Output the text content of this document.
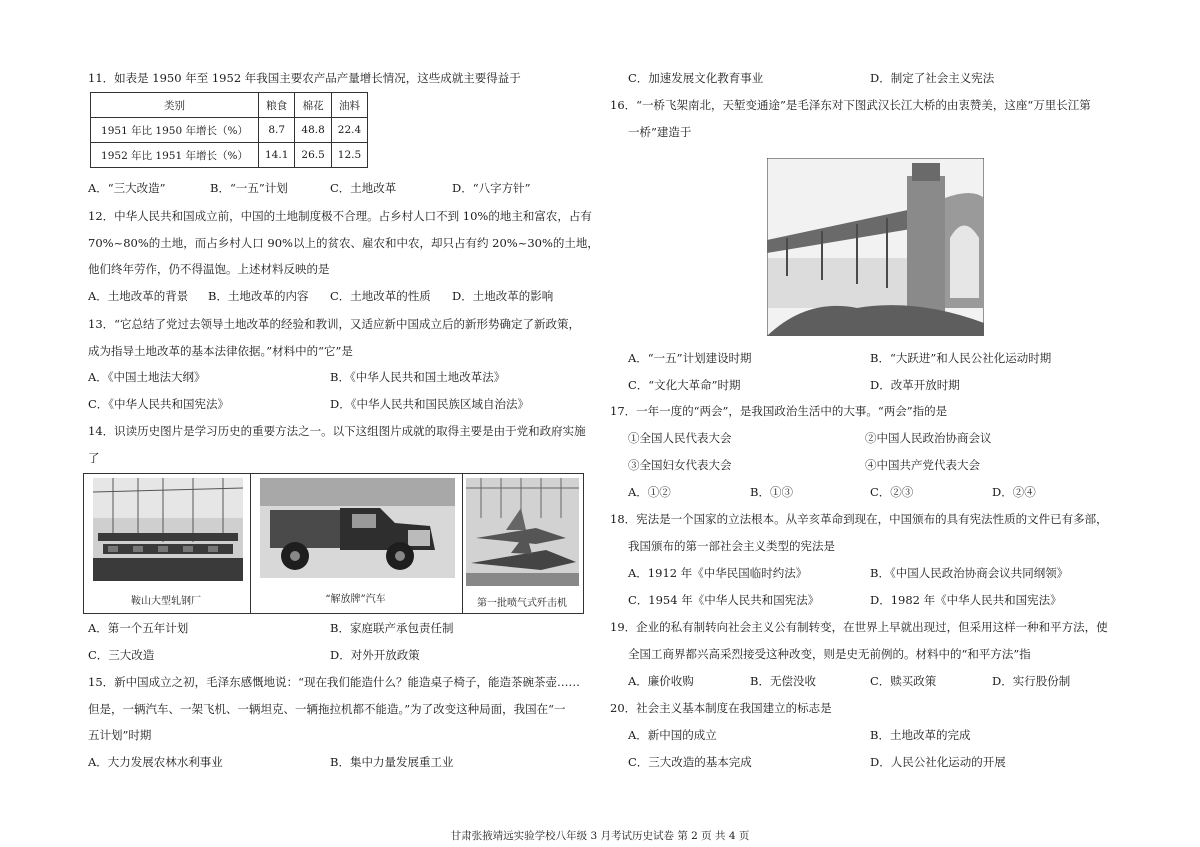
11．如表是 1950 年至 1952 年我国主要农产品产量增长情况，这些成就主要得益于
类别	粮食	棉花	油料
1951 年比 1950 年增长（%）	8.7	48.8	22.4
1952 年比 1951 年增长（%）	14.1	26.5	12.5
A．“三大改造”	B．“一五”计划	C．土地改革	D．“八字方针”
12．中华人民共和国成立前，中国的土地制度极不合理。占乡村人口不到 10%的地主和富农，占有
70%~80%的土地，而占乡村人口 90%以上的贫农、雇农和中农，却只占有约 20%~30%的土地，
他们终年劳作，仍不得温饱。上述材料反映的是
A．土地改革的背景 B．土地改革的内容 C．土地改革的性质 D．土地改革的影响
13．“它总结了党过去领导土地改革的经验和教训，又适应新中国成立后的新形势确定了新政策，
成为指导土地改革的基本法律依据。”材料中的“它”是
A．《中国土地法大纲》	B．《中华人民共和国土地改革法》
C．《中华人民共和国宪法》	D．《中华人民共和国民族区域自治法》
14．识读历史图片是学习历史的重要方法之一。以下这组图片成就的取得主要是由于党和政府实施
了
鞍山大型轧钢厂	“解放牌”汽车	第一批喷气式歼击机
A．第一个五年计划	B．家庭联产承包责任制
C．三大改造	D．对外开放政策
15．新中国成立之初，毛泽东感慨地说：“现在我们能造什么？能造桌子椅子，能造茶碗茶壶……
但是，一辆汽车、一架飞机、一辆坦克、一辆拖拉机都不能造。”为了改变这种局面，我国在“一
五计划”时期
A．大力发展农林水利事业	B．集中力量发展重工业
C．加速发展文化教育事业	D．制定了社会主义宪法
16．“一桥飞架南北，天堑变通途”是毛泽东对下图武汉长江大桥的由衷赞美，这座“万里长江第
一桥”建造于
A．“一五”计划建设时期	B．“大跃进”和人民公社化运动时期
C．“文化大革命”时期	D．改革开放时期
17．一年一度的“两会”，是我国政治生活中的大事。“两会”指的是
①全国人民代表大会	②中国人民政治协商会议
③全国妇女代表大会	④中国共产党代表大会
A．①②	B．①③	C．②③	D．②④
18．宪法是一个国家的立法根本。从辛亥革命到现在，中国颁布的具有宪法性质的文件已有多部，
我国颁布的第一部社会主义类型的宪法是
A．1912 年《中华民国临时约法》	B．《中国人民政治协商会议共同纲领》
C．1954 年《中华人民共和国宪法》	D．1982 年《中华人民共和国宪法》
19．企业的私有制转向社会主义公有制转变，在世界上早就出现过，但采用这样一种和平方法，使
全国工商界都兴高采烈接受这种改变，则是史无前例的。材料中的“和平方法”指
A．廉价收购	B．无偿没收	C．赎买政策	D．实行股份制
20．社会主义基本制度在我国建立的标志是
A．新中国的成立	B．土地改革的完成
C．三大改造的基本完成	D．人民公社化运动的开展
甘肃张掖靖远实验学校八年级 3 月考试历史试卷 第 2 页 共 4 页
